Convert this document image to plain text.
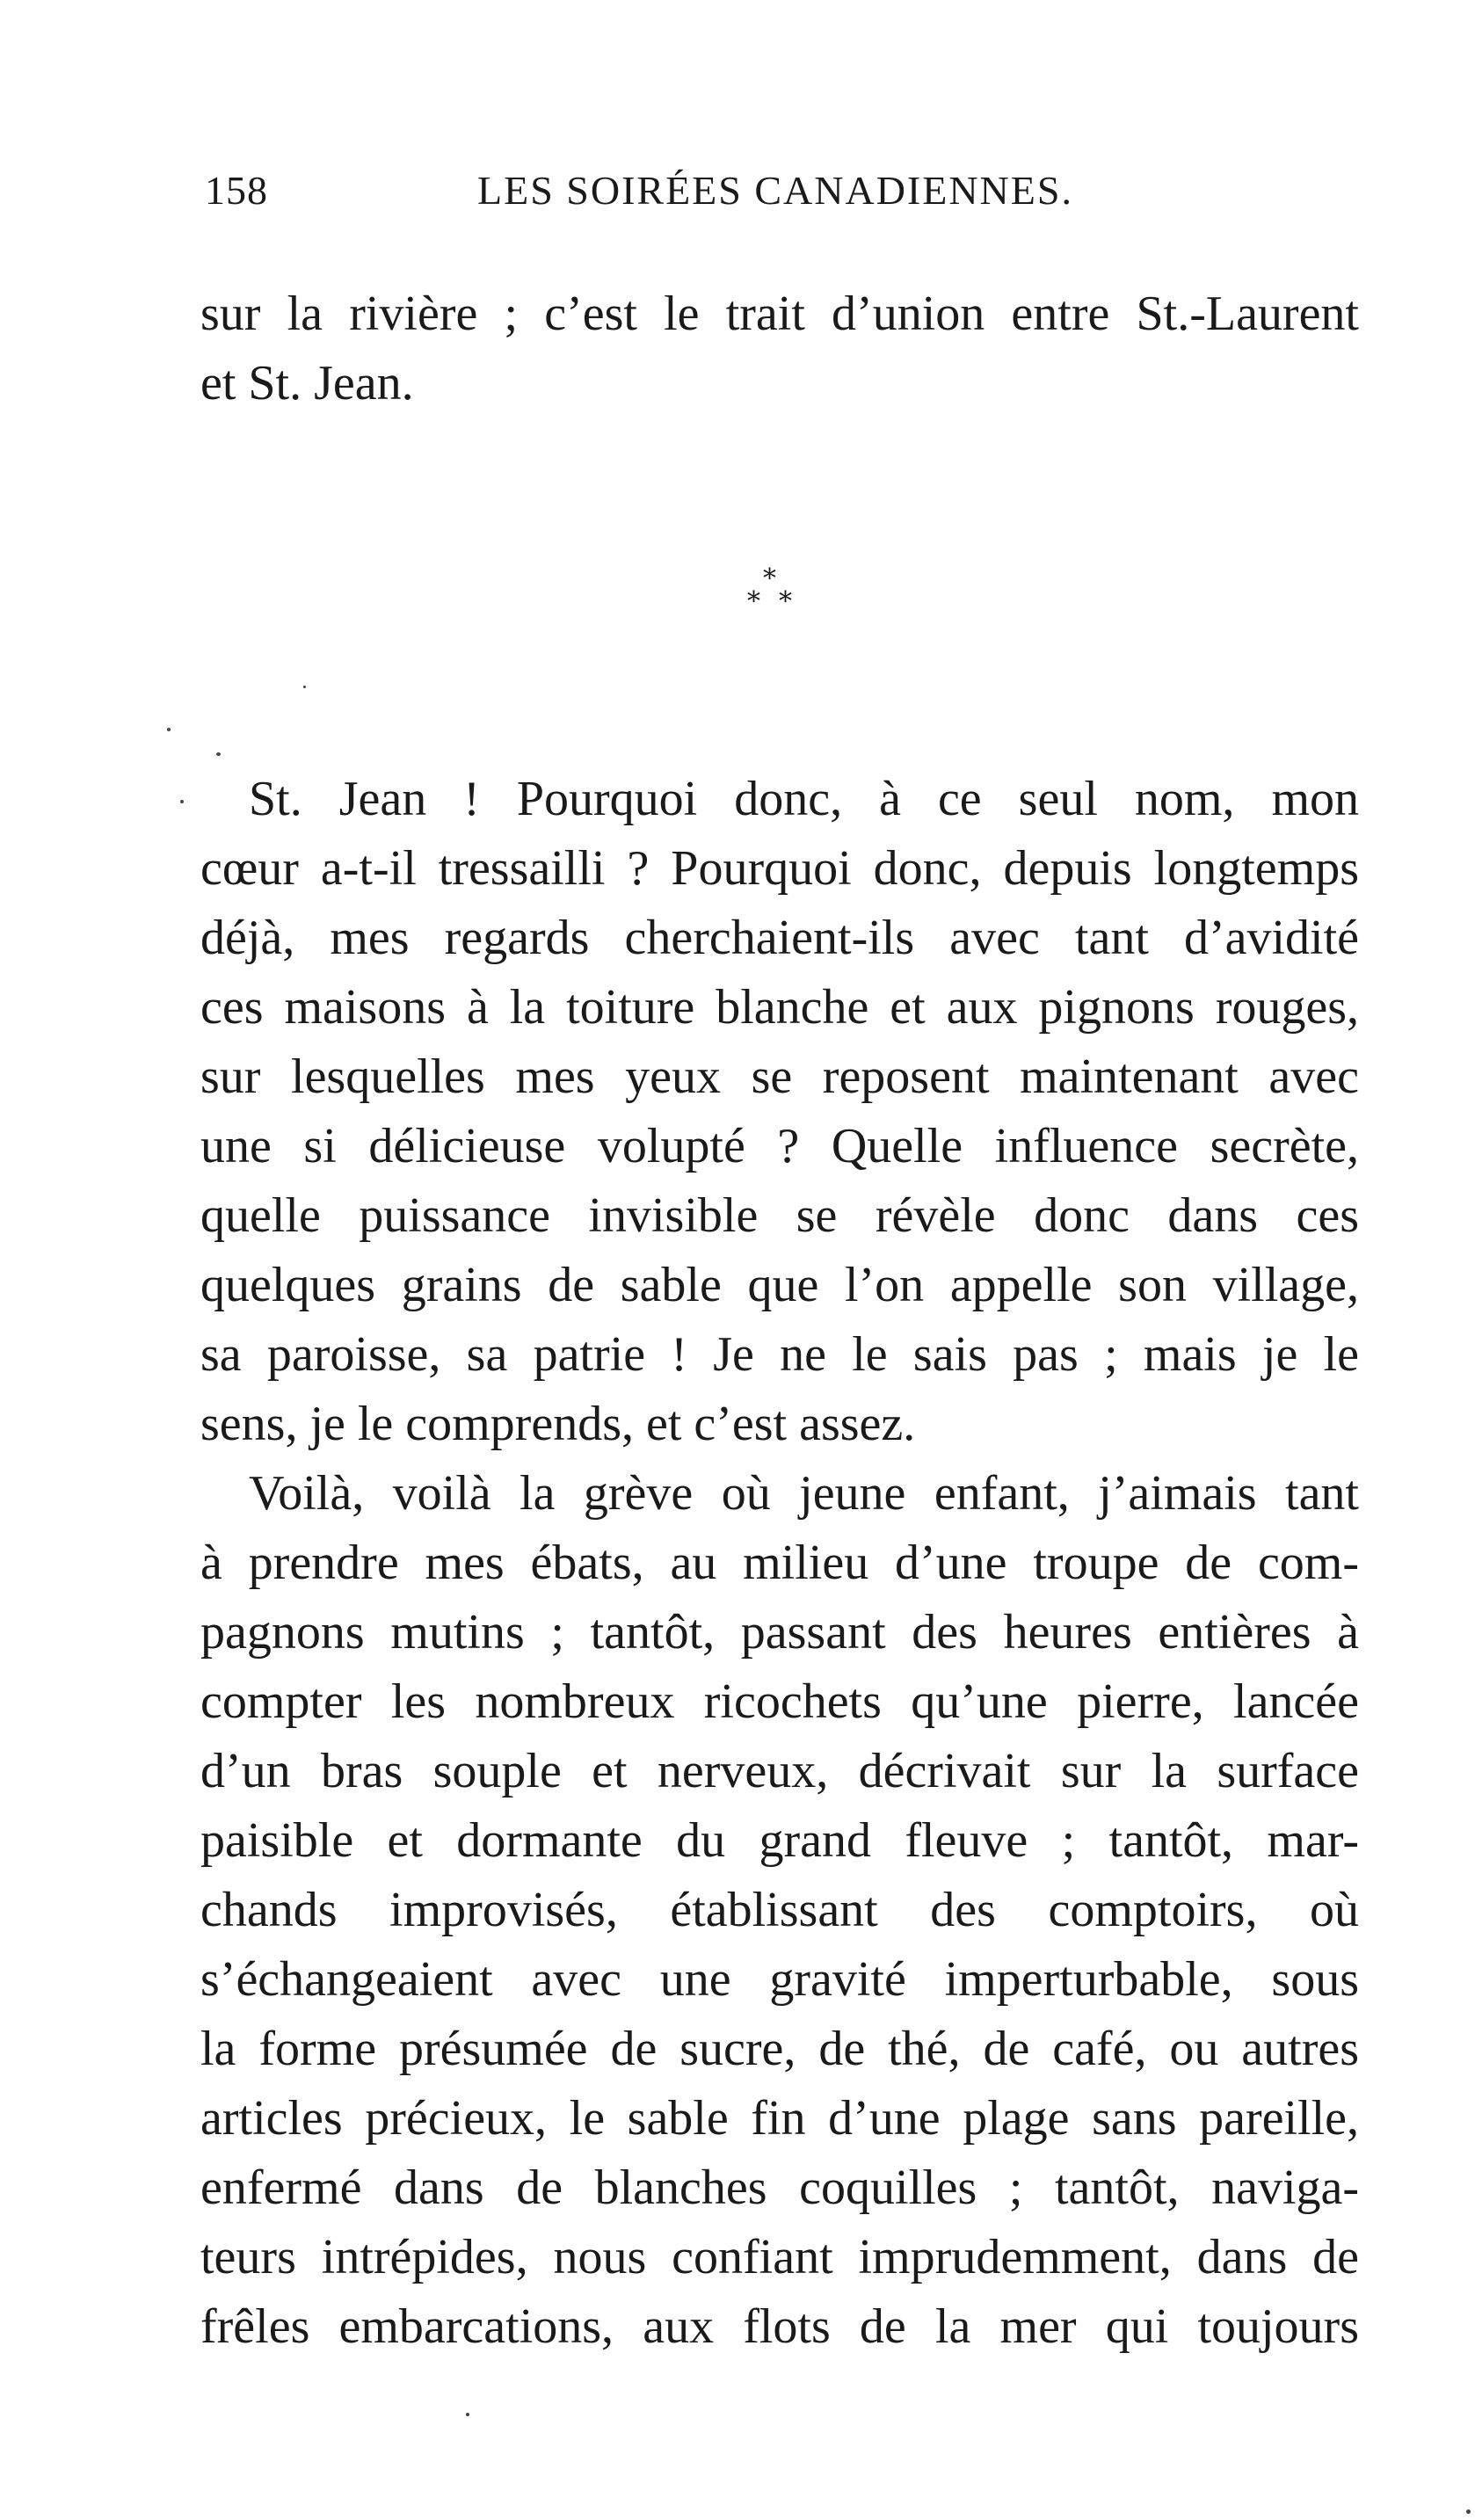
158	LES SOIRÉES CANADIENNES.
sur la rivière ; c’est le trait d’union entre St.-Laurent
et St. Jean.
*
* *
St. Jean ! Pourquoi donc, à ce seul nom, mon
cœur a-t-il tressailli ? Pourquoi donc, depuis longtemps
déjà, mes regards cherchaient-ils avec tant d’avidité
ces maisons à la toiture blanche et aux pignons rouges,
sur lesquelles mes yeux se reposent maintenant avec
une si délicieuse volupté ? Quelle influence secrète,
quelle puissance invisible se révèle donc dans ces
quelques grains de sable que l’on appelle son village,
sa paroisse, sa patrie ! Je ne le sais pas ; mais je le
sens, je le comprends, et c’est assez.
Voilà, voilà la grève où jeune enfant, j’aimais tant
à prendre mes ébats, au milieu d’une troupe de com-
pagnons mutins ; tantôt, passant des heures entières à
compter les nombreux ricochets qu’une pierre, lancée
d’un bras souple et nerveux, décrivait sur la surface
paisible et dormante du grand fleuve ; tantôt, mar-
chands improvisés, établissant des comptoirs, où
s’échangeaient avec une gravité imperturbable, sous
la forme présumée de sucre, de thé, de café, ou autres
articles précieux, le sable fin d’une plage sans pareille,
enfermé dans de blanches coquilles ; tantôt, naviga-
teurs intrépides, nous confiant imprudemment, dans de
frêles embarcations, aux flots de la mer qui toujours
